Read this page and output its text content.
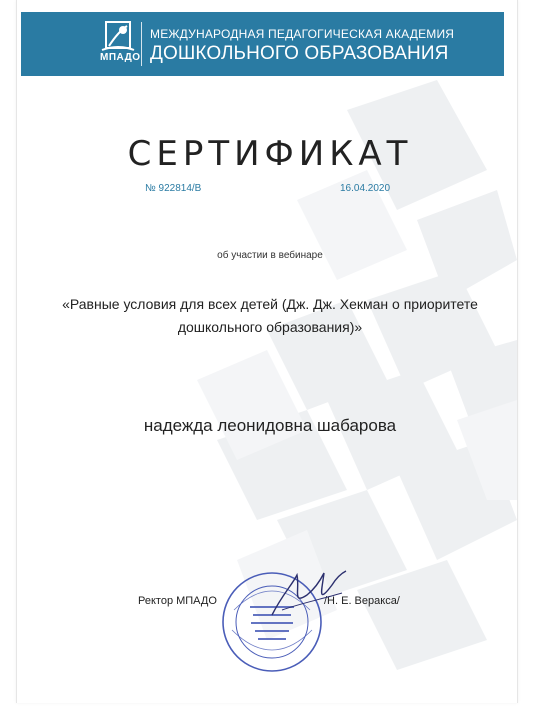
МПАДО
МЕЖДУНАРОДНАЯ ПЕДАГОГИЧЕСКАЯ АКАДЕМИЯ
ДОШКОЛЬНОГО ОБРАЗОВАНИЯ
СЕРТИФИКАТ
№ 922814/В	16.04.2020
об участии в вебинаре
«Равные условия для всех детей (Дж. Дж. Хекман о приоритете дошкольного образования)»
надежда леонидовна шабарова
Ректор МПАДО	/Н. Е. Веракса/
